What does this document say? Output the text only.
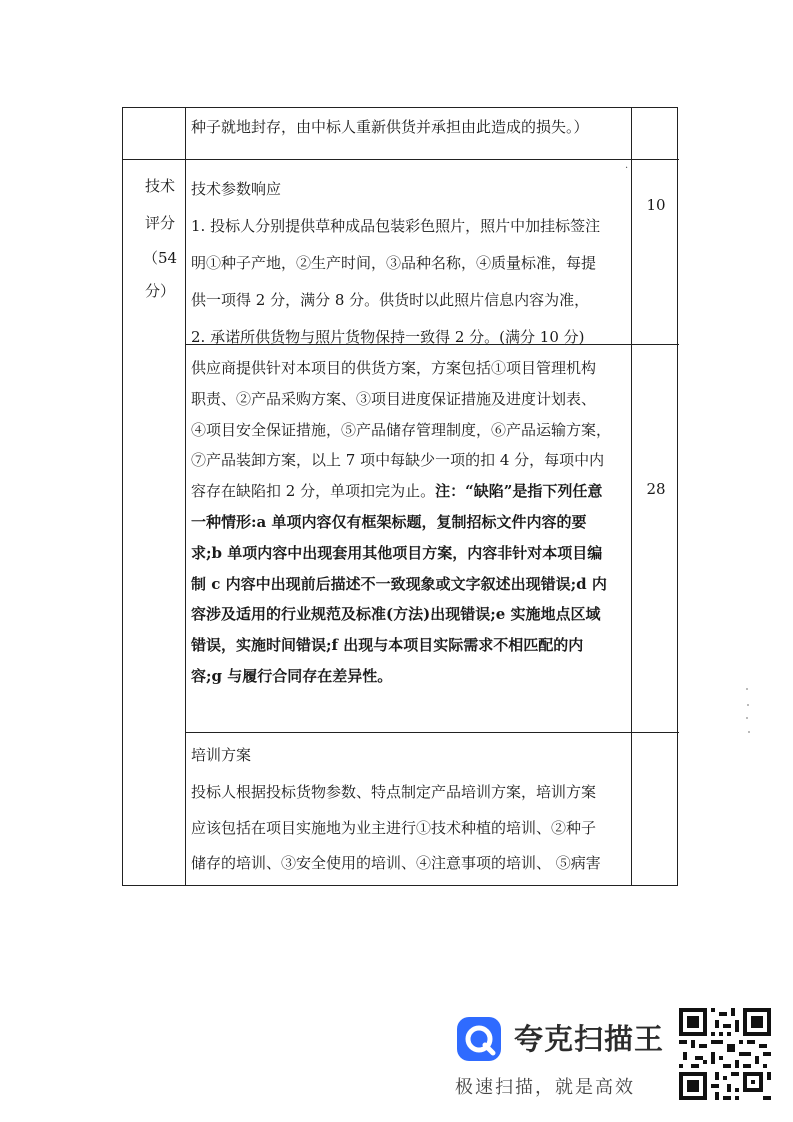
种子就地封存，由中标人重新供货并承担由此造成的损失。）

技术
评分
（54
分）

技术参数响应

1. 投标人分别提供草种成品包装彩色照片，照片中加挂标签注

明①种子产地，②生产时间，③品种名称，④质量标准，每提

供一项得 2 分，满分 8 分。供货时以此照片信息内容为准，

2. 承诺所供货物与照片货物保持一致得 2 分。(满分 10 分)

10

供应商提供针对本项目的供货方案，方案包括①项目管理机构

职责、②产品采购方案、③项目进度保证措施及进度计划表、

④项目安全保证措施，⑤产品储存管理制度，⑥产品运输方案，

⑦产品装卸方案，以上 7 项中每缺少一项的扣 4 分，每项中内

容存在缺陷扣 2 分，单项扣完为止。注：“缺陷”是指下列任意

一种情形:a 单项内容仅有框架标题，复制招标文件内容的要

求;b 单项内容中出现套用其他项目方案，内容非针对本项目编

制 c 内容中出现前后描述不一致现象或文字叙述出现错误;d 内

容涉及适用的行业规范及标准(方法)出现错误;e 实施地点区域

错误，实施时间错误;f 出现与本项目实际需求不相匹配的内

容;g 与履行合同存在差异性。

28

培训方案

投标人根据投标货物参数、特点制定产品培训方案，培训方案

应该包括在项目实施地为业主进行①技术种植的培训、②种子

储存的培训、③安全使用的培训、④注意事项的培训、 ⑤病害

·
夸克扫描王
极速扫描，就是高效
